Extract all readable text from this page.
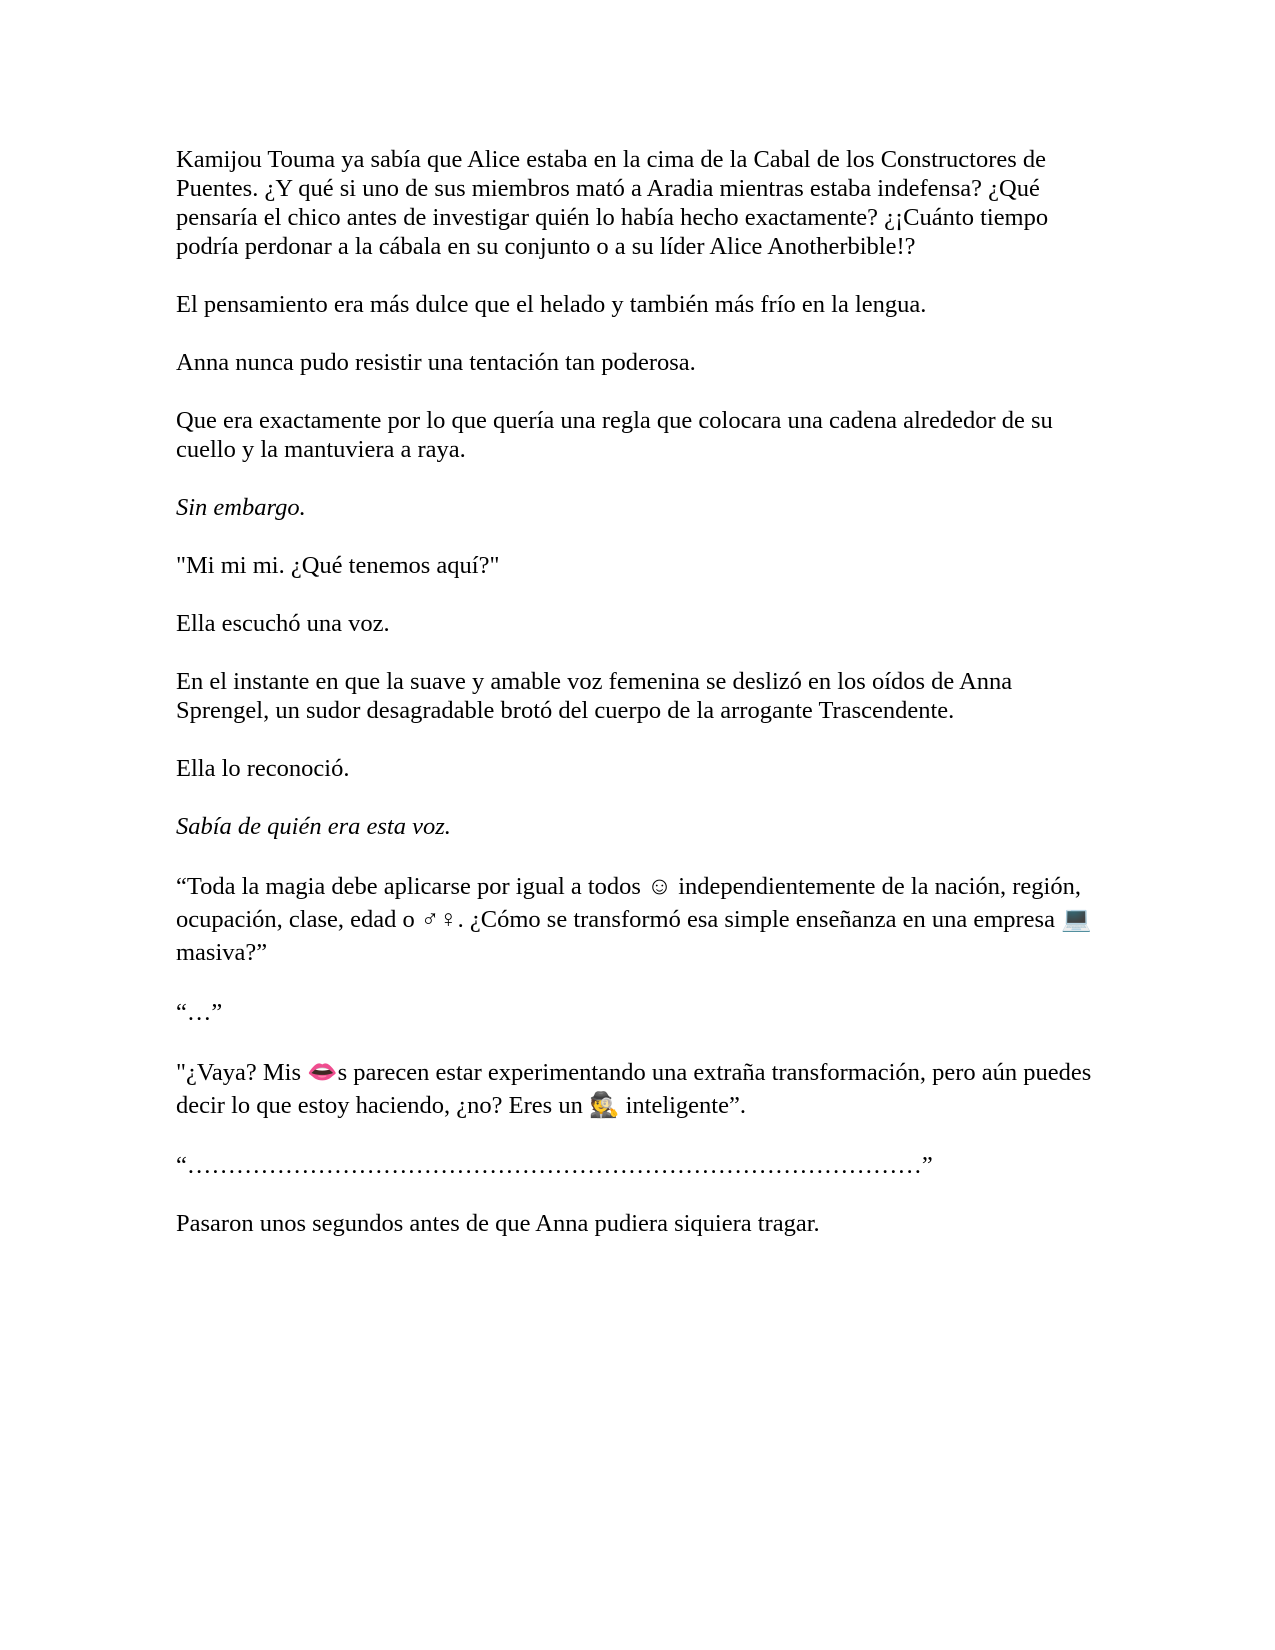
Kamijou Touma ya sabía que Alice estaba en la cima de la Cabal de los Constructores de Puentes. ¿Y qué si uno de sus miembros mató a Aradia mientras estaba indefensa? ¿Qué pensaría el chico antes de investigar quién lo había hecho exactamente? ¿¡Cuánto tiempo podría perdonar a la cábala en su conjunto o a su líder Alice Anotherbible!?

El pensamiento era más dulce que el helado y también más frío en la lengua.

Anna nunca pudo resistir una tentación tan poderosa.

Que era exactamente por lo que quería una regla que colocara una cadena alrededor de su cuello y la mantuviera a raya.

Sin embargo.

"Mi mi mi. ¿Qué tenemos aquí?"

Ella escuchó una voz.

En el instante en que la suave y amable voz femenina se deslizó en los oídos de Anna Sprengel, un sudor desagradable brotó del cuerpo de la arrogante Trascendente.

Ella lo reconoció.

Sabía de quién era esta voz.

“Toda la magia debe aplicarse por igual a todos ☺ independientemente de la nación, región, ocupación, clase, edad o ♂︎♀︎. ¿Cómo se transformó esa simple enseñanza en una empresa 💻 masiva?”

“…”

"¿Vaya? Mis 👄s parecen estar experimentando una extraña transformación, pero aún puedes decir lo que estoy haciendo, ¿no? Eres un 🕵 inteligente”.

“………………………………………………………………………………”

Pasaron unos segundos antes de que Anna pudiera siquiera tragar.
